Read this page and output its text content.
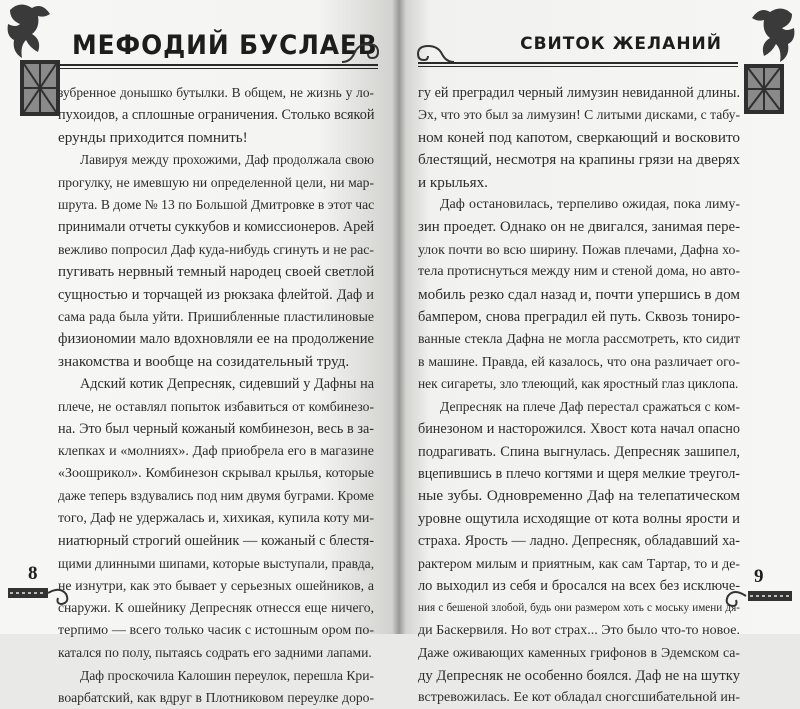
МЕФОДИЙ БУСЛАЕВ
зубренное донышко бутылки. В общем, не жизнь у ло-
пухоидов, а сплошные ограничения. Столько всякой
ерунды приходится помнить!
Лавируя между прохожими, Даф продолжала свою
прогулку, не имевшую ни определенной цели, ни мар-
шрута. В доме № 13 по Большой Дмитровке в этот час
принимали отчеты суккубов и комиссионеров. Арей
вежливо попросил Даф куда-нибудь сгинуть и не рас-
пугивать нервный темный народец своей светлой
сущностью и торчащей из рюкзака флейтой. Даф и
сама рада была уйти. Пришибленные пластилиновые
физиономии мало вдохновляли ее на продолжение
знакомства и вообще на созидательный труд.
Адский котик Депресняк, сидевший у Дафны на
плече, не оставлял попыток избавиться от комбинезо-
на. Это был черный кожаный комбинезон, весь в за-
клепках и «молниях». Даф приобрела его в магазине
«Зоошрикол». Комбинезон скрывал крылья, которые
даже теперь вздувались под ним двумя буграми. Кроме
того, Даф не удержалась и, хихикая, купила коту ми-
ниатюрный строгий ошейник — кожаный с блестя-
щими длинными шипами, которые выступали, правда,
не изнутри, как это бывает у серьезных ошейников, а
снаружи. К ошейнику Депресняк отнесся еще ничего,
терпимо — всего только часик с истошным ором по-
катался по полу, пытаясь содрать его задними лапами.
Даф проскочила Калошин переулок, перешла Кри-
воарбатский, как вдруг в Плотниковом переулке доро-
8
СВИТОК ЖЕЛАНИЙ
гу ей преградил черный лимузин невиданной длины.
Эх, что это был за лимузин! С литыми дисками, с табу-
ном коней под капотом, сверкающий и восковито
блестящий, несмотря на крапины грязи на дверях
и крыльях.
Даф остановилась, терпеливо ожидая, пока лиму-
зин проедет. Однако он не двигался, занимая пере-
улок почти во всю ширину. Пожав плечами, Дафна хо-
тела протиснуться между ним и стеной дома, но авто-
мобиль резко сдал назад и, почти упершись в дом
бампером, снова преградил ей путь. Сквозь тониро-
ванные стекла Дафна не могла рассмотреть, кто сидит
в машине. Правда, ей казалось, что она различает ого-
нек сигареты, зло тлеющий, как яростный глаз циклопа.
Депресняк на плече Даф перестал сражаться с ком-
бинезоном и насторожился. Хвост кота начал опасно
подрагивать. Спина выгнулась. Депресняк зашипел,
вцепившись в плечо когтями и щеря мелкие треугол-
ные зубы. Одновременно Даф на телепатическом
уровне ощутила исходящие от кота волны ярости и
страха. Ярость — ладно. Депресняк, обладавший ха-
рактером милым и приятным, как сам Тартар, то и де-
ло выходил из себя и бросался на всех без исключе-
ния с бешеной злобой, будь они размером хоть с моську имени дя-
ди Баскервиля. Но вот страх... Это было что-то новое.
Даже оживающих каменных грифонов в Эдемском са-
ду Депресняк не особенно боялся. Даф не на шутку
встревожилась. Ее кот обладал сногсшибательной ин-
9
